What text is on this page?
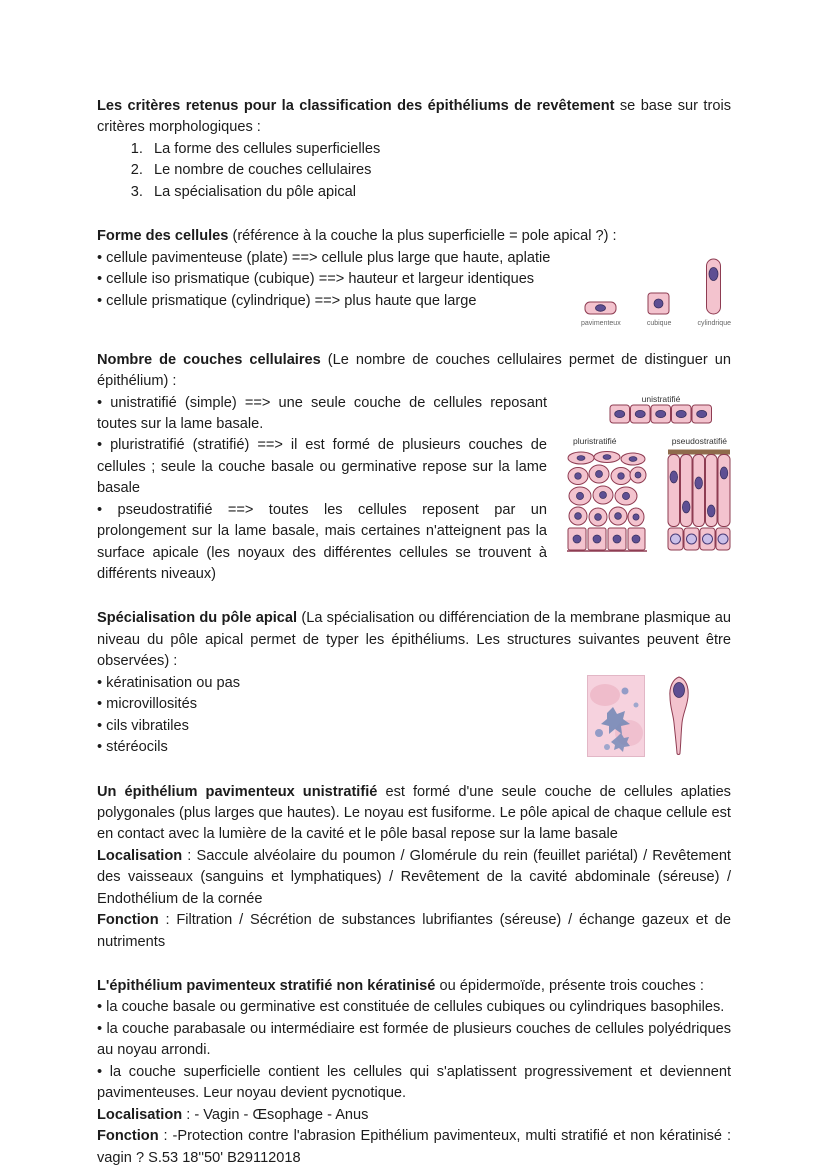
Les critères retenus pour la classification des épithéliums de revêtement se base sur trois critères morphologiques :

1. La forme des cellules superficielles
2. Le nombre de couches cellulaires
3. La spécialisation du pôle apical

Forme des cellules (référence à la couche la plus superficielle = pole apical ?) :

pavimenteux	cubique	cylindrique

• cellule pavimenteuse (plate) ==> cellule plus large que haute, aplatie

• cellule iso prismatique (cubique) ==> hauteur et largeur identiques

• cellule prismatique (cylindrique) ==> plus haute que large

Nombre de couches cellulaires (Le nombre de couches cellulaires permet de distinguer un épithélium) :

unistratifié
pluristratifié	pseudostratifié

• unistratifié (simple) ==> une seule couche de cellules reposant toutes sur la lame basale.

• pluristratifié (stratifié) ==> il est formé de plusieurs couches de cellules ; seule la couche basale ou germinative repose sur la lame basale

• pseudostratifié ==> toutes les cellules reposent par un prolongement sur la lame basale, mais certaines n'atteignent pas la surface apicale (les noyaux des différentes cellules se trouvent à différents niveaux)

Spécialisation du pôle apical (La spécialisation ou différenciation de la membrane plasmique au niveau du pôle apical permet de typer les épithéliums. Les structures suivantes peuvent être observées) :

• kératinisation ou pas

• microvillosités

• cils vibratiles

• stéréocils

Un épithélium pavimenteux unistratifié est formé d'une seule couche de cellules aplaties polygonales (plus larges que hautes). Le noyau est fusiforme. Le pôle apical de chaque cellule est en contact avec la lumière de la cavité et le pôle basal repose sur la lame basale

Localisation : Saccule alvéolaire du poumon / Glomérule du rein (feuillet pariétal) / Revêtement des vaisseaux (sanguins et lymphatiques) / Revêtement de la cavité abdominale (séreuse) / Endothélium de la cornée

Fonction : Filtration / Sécrétion de substances lubrifiantes (séreuse) / échange gazeux et de nutriments

L'épithélium pavimenteux stratifié non kératinisé ou épidermoïde, présente trois couches :

• la couche basale ou germinative est constituée de cellules cubiques ou cylindriques basophiles.

• la couche parabasale ou intermédiaire est formée de plusieurs couches de cellules polyédriques au noyau arrondi.

• la couche superficielle contient les cellules qui s'aplatissent progressivement et deviennent pavimenteuses. Leur noyau devient pycnotique.

Localisation : - Vagin - Œsophage - Anus

Fonction : -Protection contre l'abrasion Epithélium pavimenteux, multi stratifié et non kératinisé : vagin ? S.53 18''50' B29112018
